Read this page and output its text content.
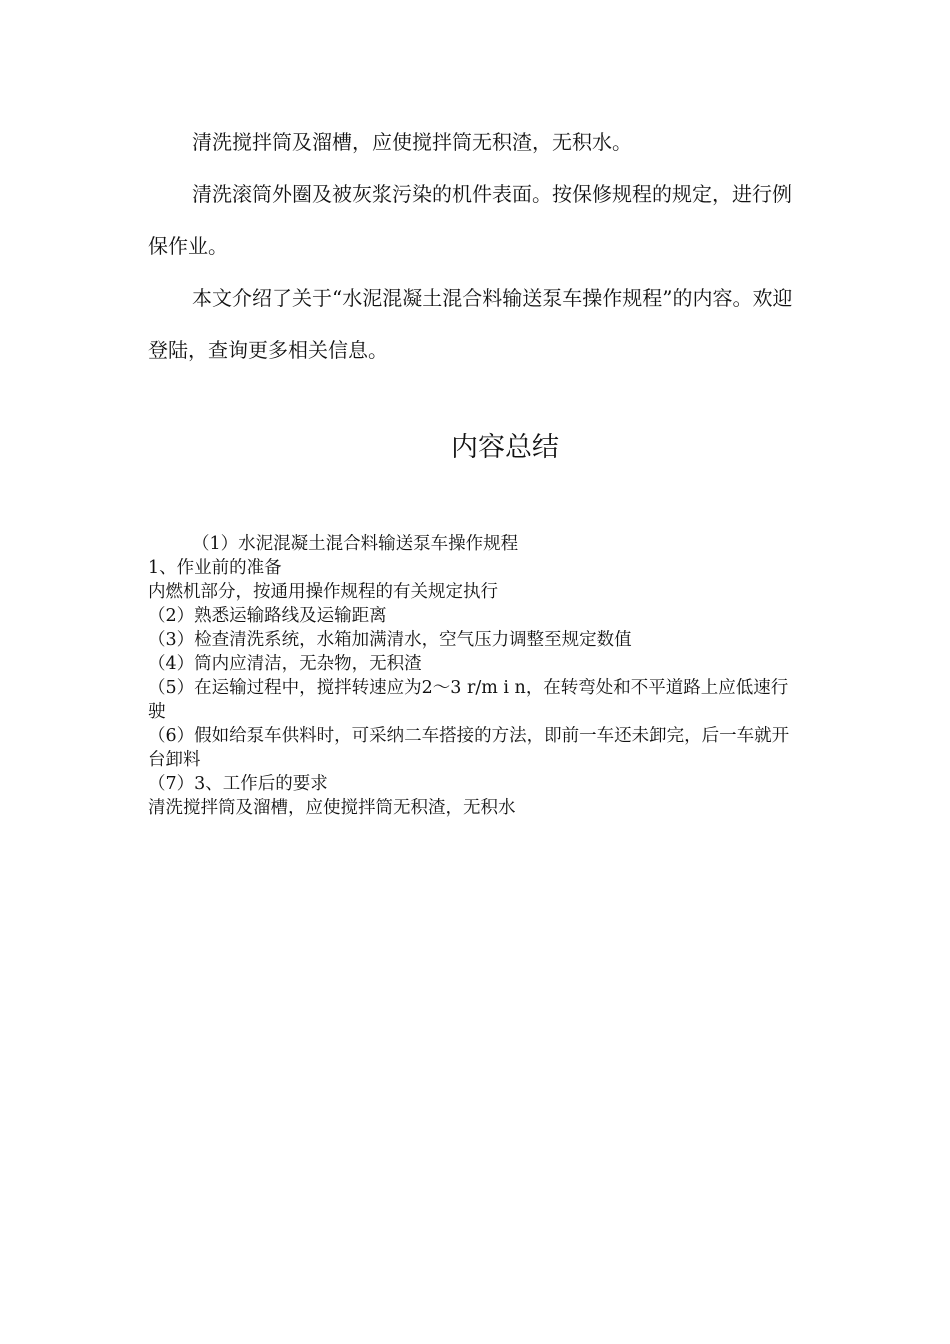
清洗搅拌筒及溜槽，应使搅拌筒无积渣，无积水。

清洗滚筒外圈及被灰浆污染的机件表面。按保修规程的规定，进行例保作业。

本文介绍了关于“水泥混凝土混合料输送泵车操作规程”的内容。欢迎登陆，查询更多相关信息。

内容总结
（1）水泥混凝土混合料输送泵车操作规程
1、作业前的准备
内燃机部分，按通用操作规程的有关规定执行
（2）熟悉运输路线及运输距离
（3）检查清洗系统，水箱加满清水，空气压力调整至规定数值
（4）筒内应清洁，无杂物，无积渣
（5）在运输过程中，搅拌转速应为2～3 r/m i n，在转弯处和不平道路上应低速行驶
（6）假如给泵车供料时，可采纳二车搭接的方法，即前一车还未卸完，后一车就开台卸料
（7）3、工作后的要求
清洗搅拌筒及溜槽，应使搅拌筒无积渣，无积水
